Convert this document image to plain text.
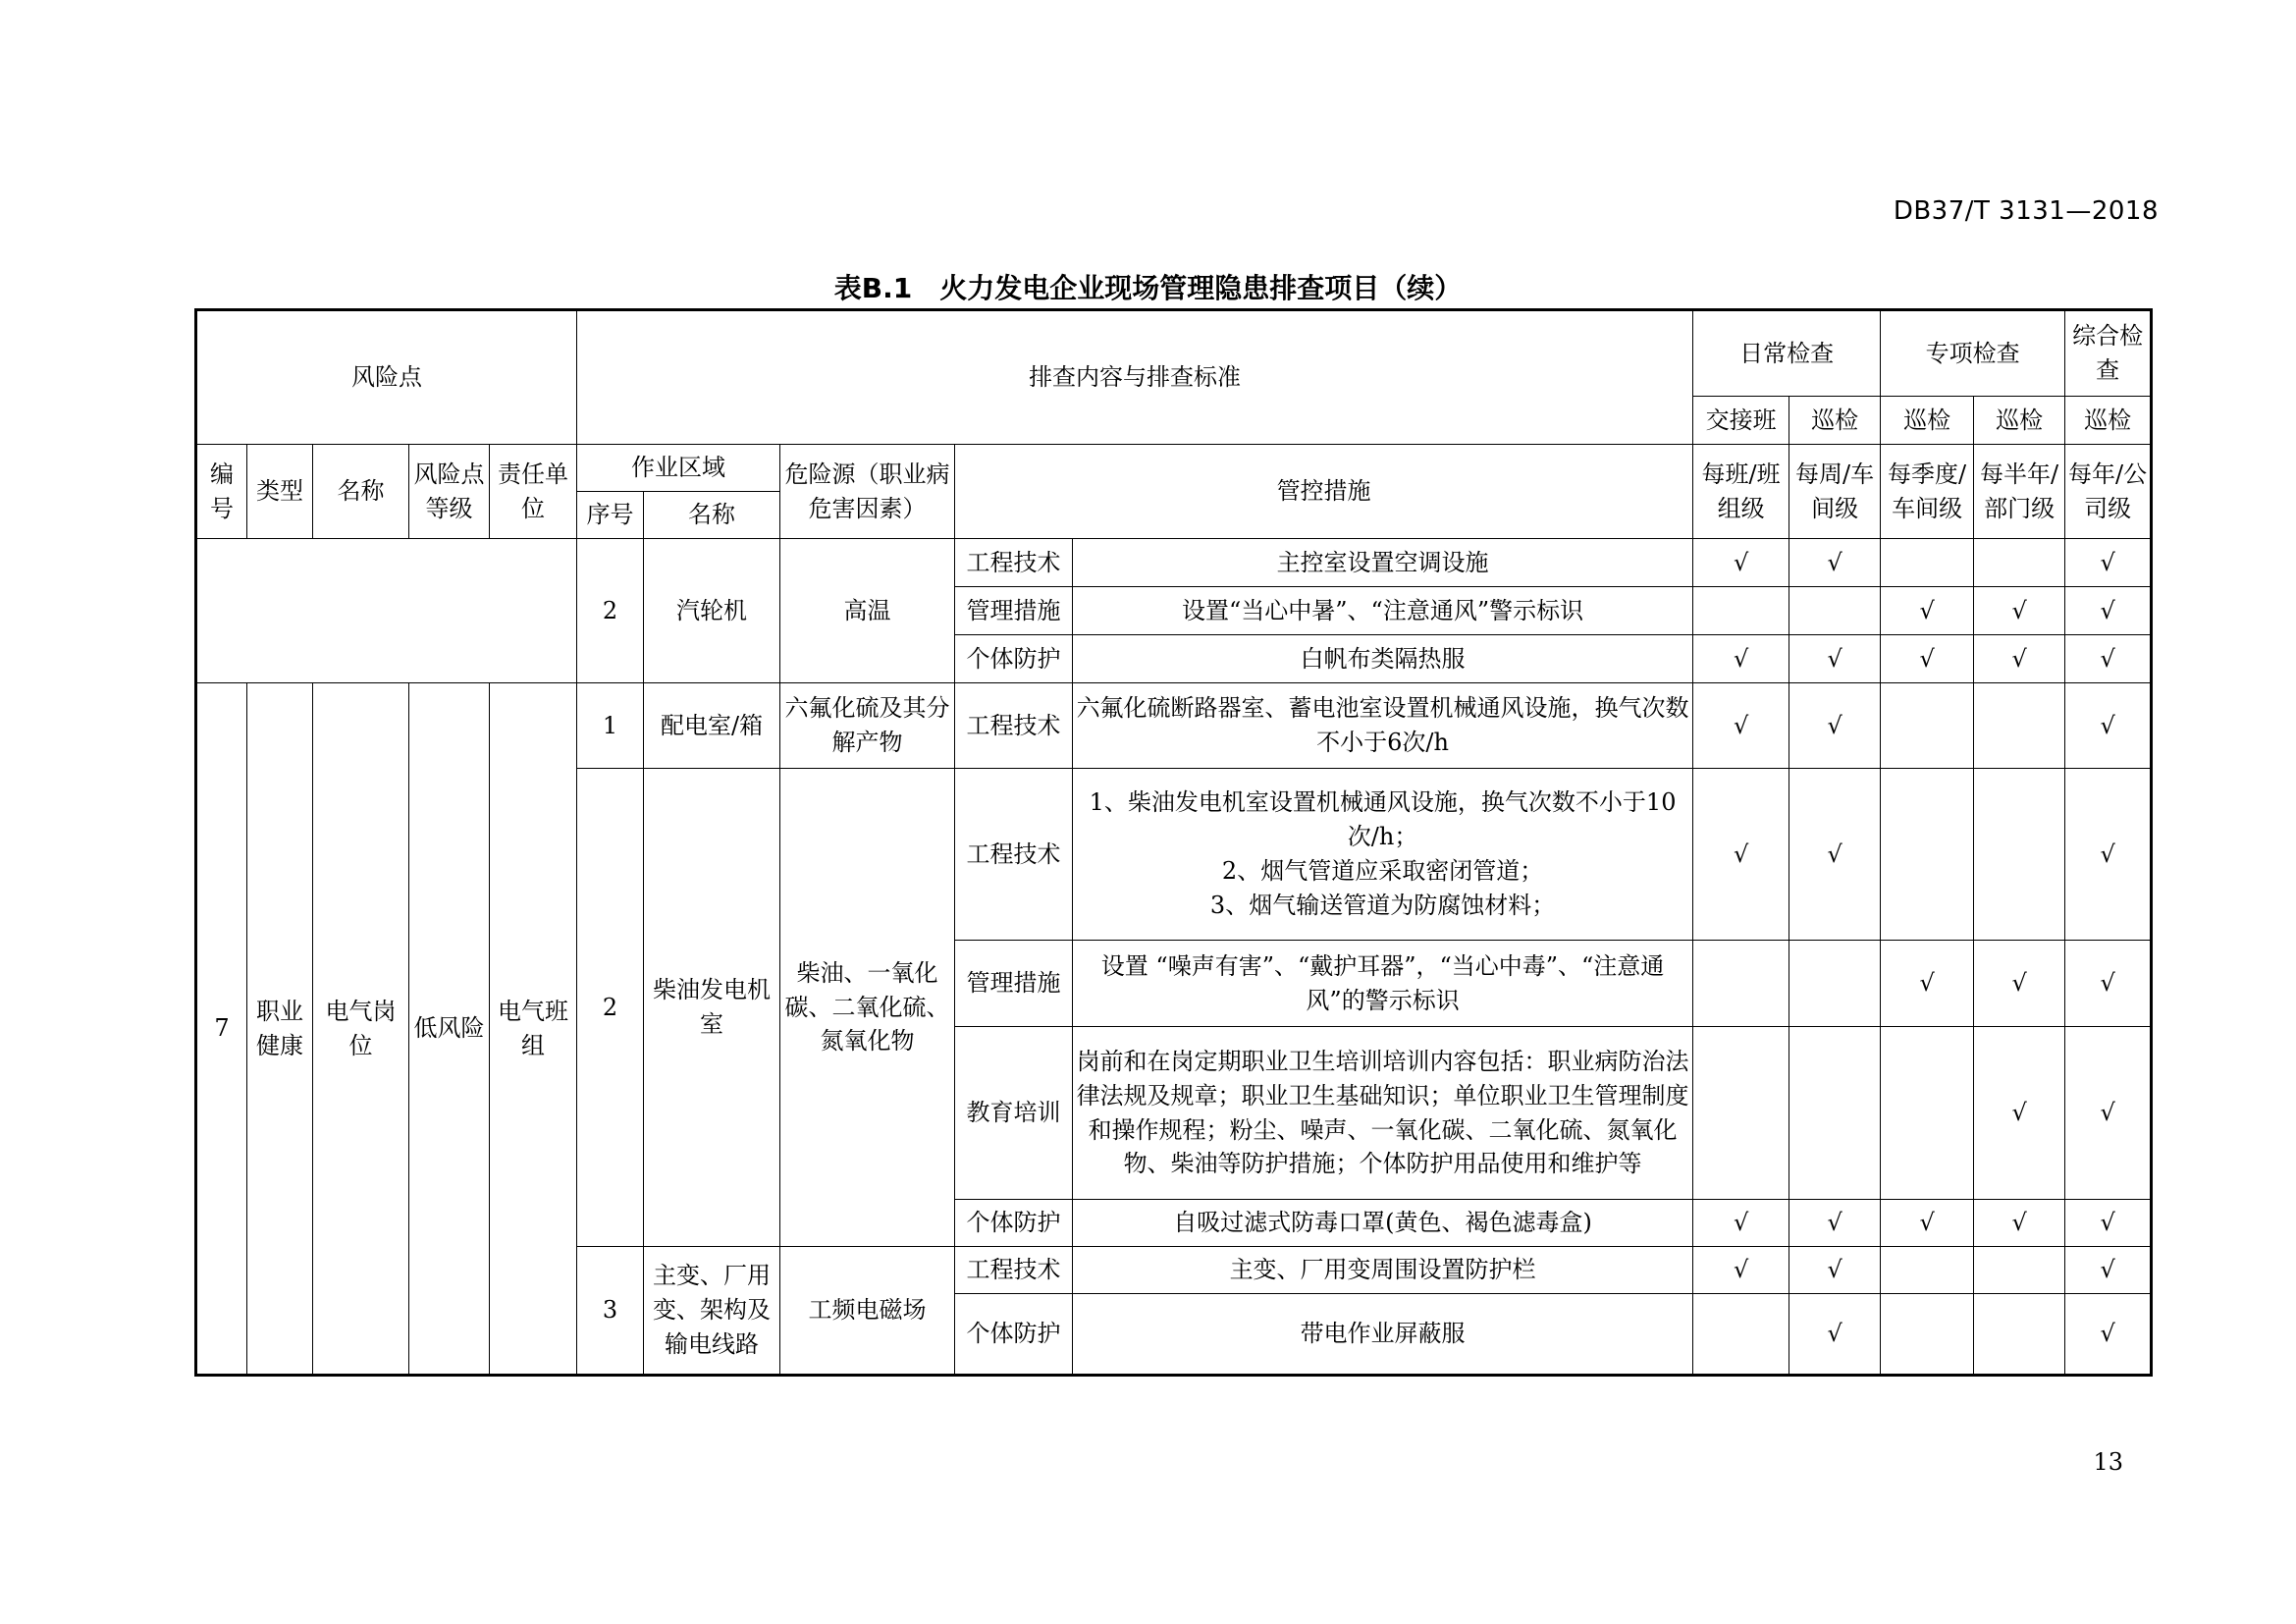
DB37/T 3131—2018
表B.1　火力发电企业现场管理隐患排查项目（续）
风险点					排查内容与排查标准					日常检查		专项检查		综合检查
										交接班	巡检	巡检	巡检	巡检
编号	类型	名称	风险点等级	责任单位	作业区域		危险源（职业病危害因素）	管控措施		每班/班组级	每周/车间级	每季度/车间级	每半年/部门级	每年/公司级
					序号	名称								
					2	汽轮机	高温	工程技术	主控室设置空调设施	√	√			√
								管理措施	设置“当心中暑”、“注意通风”警示标识			√	√	√
								个体防护	白帆布类隔热服	√	√	√	√	√
7	职业健康	电气岗位	低风险	电气班组	1	配电室/箱	六氟化硫及其分解产物	工程技术	六氟化硫断路器室、蓄电池室设置机械通风设施，换气次数不小于6次/h	√	√			√
					2	柴油发电机室	柴油、一氧化碳、二氧化硫、氮氧化物	工程技术	1、柴油发电机室设置机械通风设施，换气次数不小于10次/h；
2、烟气管道应采取密闭管道；
3、烟气输送管道为防腐蚀材料；	√	√			√
								管理措施	设置 “噪声有害”、“戴护耳器”，“当心中毒”、“注意通风”的警示标识			√	√	√
								教育培训	岗前和在岗定期职业卫生培训培训内容包括：职业病防治法律法规及规章；职业卫生基础知识；单位职业卫生管理制度和操作规程；粉尘、噪声、一氧化碳、二氧化硫、氮氧化物、柴油等防护措施；个体防护用品使用和维护等				√	√
								个体防护	自吸过滤式防毒口罩(黄色、褐色滤毒盒)	√	√	√	√	√
					3	主变、厂用变、架构及输电线路	工频电磁场	工程技术	主变、厂用变周围设置防护栏	√	√			√
								个体防护	带电作业屏蔽服		√			√
13
